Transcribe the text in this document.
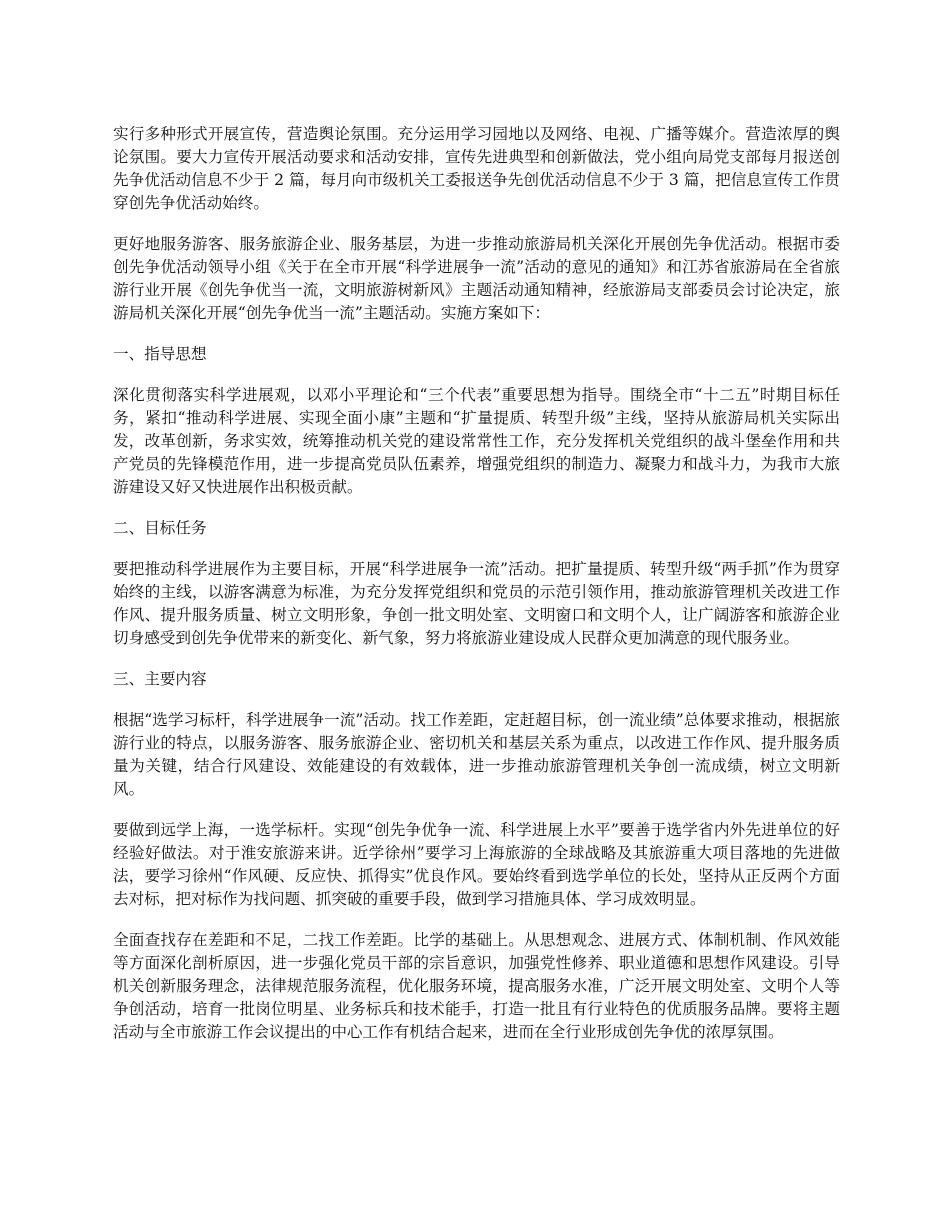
实行多种形式开展宣传，营造舆论氛围。充分运用学习园地以及网络、电视、广播等媒介。营造浓厚的舆论氛围。要大力宣传开展活动要求和活动安排，宣传先进典型和创新做法，党小组向局党支部每月报送创先争优活动信息不少于 2 篇，每月向市级机关工委报送争先创优活动信息不少于 3 篇，把信息宣传工作贯穿创先争优活动始终。

更好地服务游客、服务旅游企业、服务基层，为进一步推动旅游局机关深化开展创先争优活动。根据市委创先争优活动领导小组《关于在全市开展“科学进展争一流”活动的意见的通知》和江苏省旅游局在全省旅游行业开展《创先争优当一流，文明旅游树新风》主题活动通知精神，经旅游局支部委员会讨论决定，旅游局机关深化开展“创先争优当一流”主题活动。实施方案如下：

一、指导思想

深化贯彻落实科学进展观，以邓小平理论和“三个代表”重要思想为指导。围绕全市“十二五”时期目标任务，紧扣“推动科学进展、实现全面小康”主题和“扩量提质、转型升级”主线，坚持从旅游局机关实际出发，改革创新，务求实效，统筹推动机关党的建设常常性工作，充分发挥机关党组织的战斗堡垒作用和共产党员的先锋模范作用，进一步提高党员队伍素养，增强党组织的制造力、凝聚力和战斗力，为我市大旅游建设又好又快进展作出积极贡献。

二、目标任务

要把推动科学进展作为主要目标，开展“科学进展争一流”活动。把扩量提质、转型升级“两手抓”作为贯穿始终的主线，以游客满意为标准，为充分发挥党组织和党员的示范引领作用，推动旅游管理机关改进工作作风、提升服务质量、树立文明形象，争创一批文明处室、文明窗口和文明个人，让广阔游客和旅游企业切身感受到创先争优带来的新变化、新气象，努力将旅游业建设成人民群众更加满意的现代服务业。

三、主要内容

根据“选学习标杆，科学进展争一流”活动。找工作差距，定赶超目标，创一流业绩”总体要求推动，根据旅游行业的特点，以服务游客、服务旅游企业、密切机关和基层关系为重点，以改进工作作风、提升服务质量为关键，结合行风建设、效能建设的有效载体，进一步推动旅游管理机关争创一流成绩，树立文明新风。

要做到远学上海，一选学标杆。实现“创先争优争一流、科学进展上水平”要善于选学省内外先进单位的好经验好做法。对于淮安旅游来讲。近学徐州”要学习上海旅游的全球战略及其旅游重大项目落地的先进做法，要学习徐州“作风硬、反应快、抓得实”优良作风。要始终看到选学单位的长处，坚持从正反两个方面去对标，把对标作为找问题、抓突破的重要手段，做到学习措施具体、学习成效明显。

全面查找存在差距和不足，二找工作差距。比学的基础上。从思想观念、进展方式、体制机制、作风效能等方面深化剖析原因，进一步强化党员干部的宗旨意识，加强党性修养、职业道德和思想作风建设。引导机关创新服务理念，法律规范服务流程，优化服务环境，提高服务水准，广泛开展文明处室、文明个人等争创活动，培育一批岗位明星、业务标兵和技术能手，打造一批且有行业特色的优质服务品牌。要将主题活动与全市旅游工作会议提出的中心工作有机结合起来，进而在全行业形成创先争优的浓厚氛围。
